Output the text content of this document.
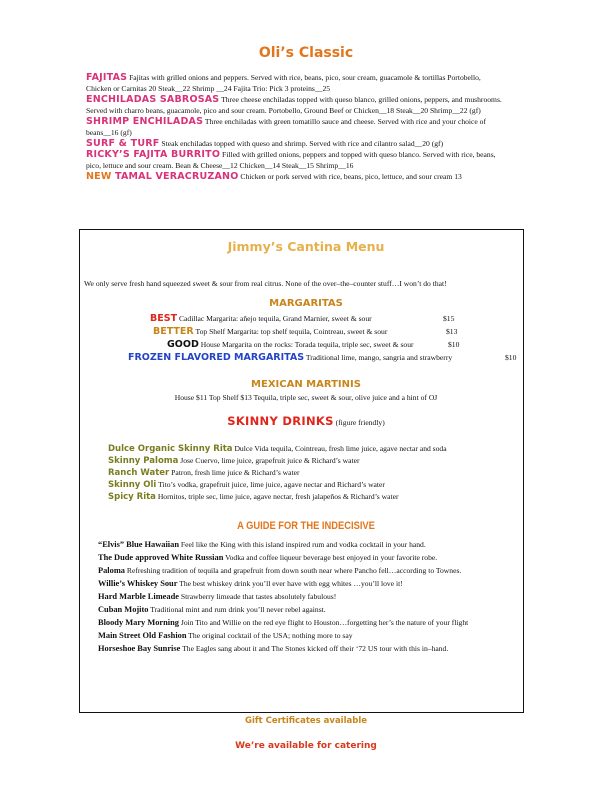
Oli’s Classic
FAJITAS Fajitas with grilled onions and peppers. Served with rice, beans, pico, sour cream, guacamole & tortillas Portobello, Chicken or Carnitas 20 Steak__22 Shrimp __24 Fajita Trio: Pick 3 proteins__25
ENCHILADAS SABROSAS Three cheese enchiladas topped with queso blanco, grilled onions, peppers, and mushrooms. Served with charro beans, guacamole, pico and sour cream. Portobello, Ground Beef or Chicken__18 Steak__20 Shrimp__22 (gf)
SHRIMP ENCHILADAS Three enchiladas with green tomatillo sauce and cheese. Served with rice and your choice of beans__16 (gf)
SURF & TURF Steak enchiladas topped with queso and shrimp. Served with rice and cilantro salad__20 (gf)
RICKY’S FAJITA BURRITO Filled with grilled onions, peppers and topped with queso blanco. Served with rice, beans, pico, lettuce and sour cream. Bean & Cheese__12 Chicken__14 Steak__15 Shrimp__16
NEW TAMAL VERACRUZANO Chicken or pork served with rice, beans, pico, lettuce, and sour cream 13
Jimmy’s Cantina Menu
We only serve fresh hand squeezed sweet & sour from real citrus. None of the over–the–counter stuff…I won’t do that!
MARGARITAS
BEST Cadillac Margarita: añejo tequila, Grand Marnier, sweet & sour	$15
BETTER Top Shelf Margarita: top shelf tequila, Cointreau, sweet & sour	$13
GOOD House Margarita on the rocks: Torada tequila, triple sec, sweet & sour	$10
FROZEN FLAVORED MARGARITAS Traditional lime, mango, sangria and strawberry	$10
MEXICAN MARTINIS
House $11 Top Shelf $13 Tequila, triple sec, sweet & sour, olive juice and a hint of OJ
SKINNY DRINKS (figure friendly)
Dulce Organic Skinny Rita Dulce Vida tequila, Cointreau, fresh lime juice, agave nectar and soda
Skinny Paloma Jose Cuervo, lime juice, grapefruit juice & Richard’s water
Ranch Water Patron, fresh lime juice & Richard’s water
Skinny Oli Tito’s vodka, grapefruit juice, lime juice, agave nectar and Richard’s water
Spicy Rita Hornitos, triple sec, lime juice, agave nectar, fresh jalapeños & Richard’s water
A GUIDE FOR THE INDECISIVE
“Elvis” Blue Hawaiian Feel like the King with this island inspired rum and vodka cocktail in your hand.
The Dude approved White Russian Vodka and coffee liqueur beverage best enjoyed in your favorite robe.
Paloma Refreshing tradition of tequila and grapefruit from down south near where Pancho fell…according to Townes.
Willie’s Whiskey Sour The best whiskey drink you’ll ever have with egg whites …you’ll love it!
Hard Marble Limeade Strawberry limeade that tastes absolutely fabulous!
Cuban Mojito Traditional mint and rum drink you’ll never rebel against.
Bloody Mary Morning Join Tito and Willie on the red eye flight to Houston…forgetting her’s the nature of your flight
Main Street Old Fashion The original cocktail of the USA; nothing more to say
Horseshoe Bay Sunrise The Eagles sang about it and The Stones kicked off their ‘72 US tour with this in–hand.
Gift Certificates available
We’re available for catering
